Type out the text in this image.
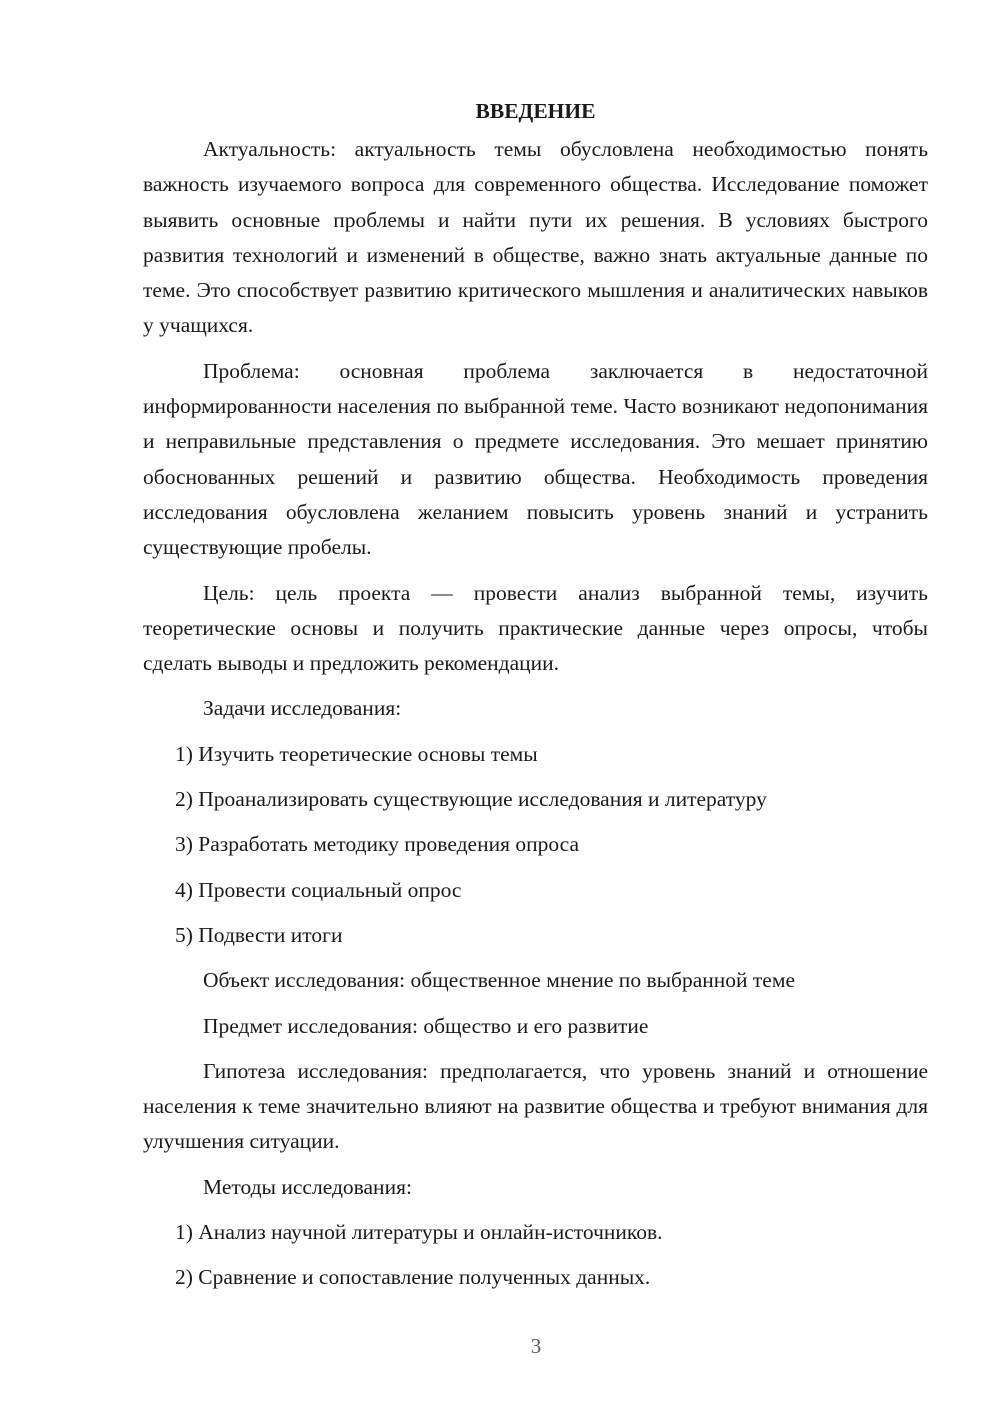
ВВЕДЕНИЕ
Актуальность: актуальность темы обусловлена необходимостью понять важность изучаемого вопроса для современного общества. Исследование поможет выявить основные проблемы и найти пути их решения. В условиях быстрого развития технологий и изменений в обществе, важно знать актуальные данные по теме. Это способствует развитию критического мышления и аналитических навыков у учащихся.
Проблема: основная проблема заключается в недостаточной информированности населения по выбранной теме. Часто возникают недопонимания и неправильные представления о предмете исследования. Это мешает принятию обоснованных решений и развитию общества. Необходимость проведения исследования обусловлена желанием повысить уровень знаний и устранить существующие пробелы.
Цель: цель проекта — провести анализ выбранной темы, изучить теоретические основы и получить практические данные через опросы, чтобы сделать выводы и предложить рекомендации.
Задачи исследования:
1) Изучить теоретические основы темы
2) Проанализировать существующие исследования и литературу
3) Разработать методику проведения опроса
4) Провести социальный опрос
5) Подвести итоги
Объект исследования: общественное мнение по выбранной теме
Предмет исследования: общество и его развитие
Гипотеза исследования: предполагается, что уровень знаний и отношение населения к теме значительно влияют на развитие общества и требуют внимания для улучшения ситуации.
Методы исследования:
1) Анализ научной литературы и онлайн-источников.
2) Сравнение и сопоставление полученных данных.
3
